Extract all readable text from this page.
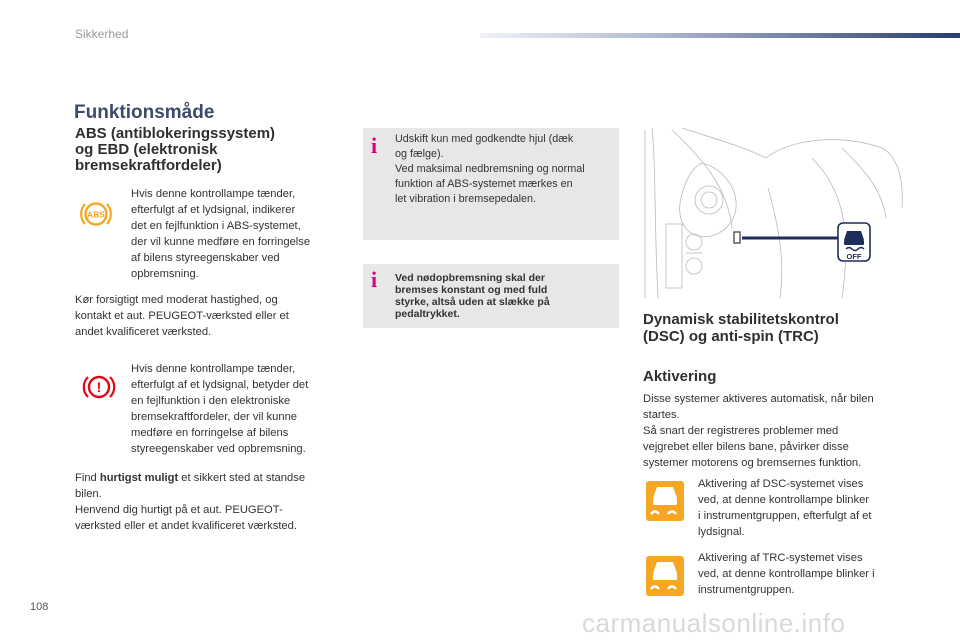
Sikkerhed
Funktionsmåde
ABS (antiblokeringssystem)
og EBD (elektronisk
bremsekraftfordeler)
ABS
Hvis denne kontrollampe tænder,
efterfulgt af et lydsignal, indikerer
det en fejlfunktion i ABS-systemet,
der vil kunne medføre en forringelse
af bilens styreegenskaber ved
opbremsning.
Kør forsigtigt med moderat hastighed, og
kontakt et aut. PEUGEOT-værksted eller et
andet kvalificeret værksted.
!
Hvis denne kontrollampe tænder,
efterfulgt af et lydsignal, betyder det
en fejlfunktion i den elektroniske
bremsekraftfordeler, der vil kunne
medføre en forringelse af bilens
styreegenskaber ved opbremsning.
Find hurtigst muligt et sikkert sted at standse
bilen.
Henvend dig hurtigt på et aut. PEUGEOT-
værksted eller et andet kvalificeret værksted.
i Udskift kun med godkendte hjul (dæk
og fælge).
Ved maksimal nedbremsning og normal
funktion af ABS-systemet mærkes en
let vibration i bremsepedalen.
i Ved nødopbremsning skal der
bremses konstant og med fuld
styrke, altså uden at slække på
pedaltrykket.
OFF
Dynamisk stabilitetskontrol
(DSC) og anti-spin (TRC)
Aktivering
Disse systemer aktiveres automatisk, når bilen
startes.
Så snart der registreres problemer med
vejgrebet eller bilens bane, påvirker disse
systemer motorens og bremsernes funktion.
Aktivering af DSC-systemet vises
ved, at denne kontrollampe blinker
i instrumentgruppen, efterfulgt af et
lydsignal.
Aktivering af TRC-systemet vises
ved, at denne kontrollampe blinker i
instrumentgruppen.
108
carmanualsonline.info
